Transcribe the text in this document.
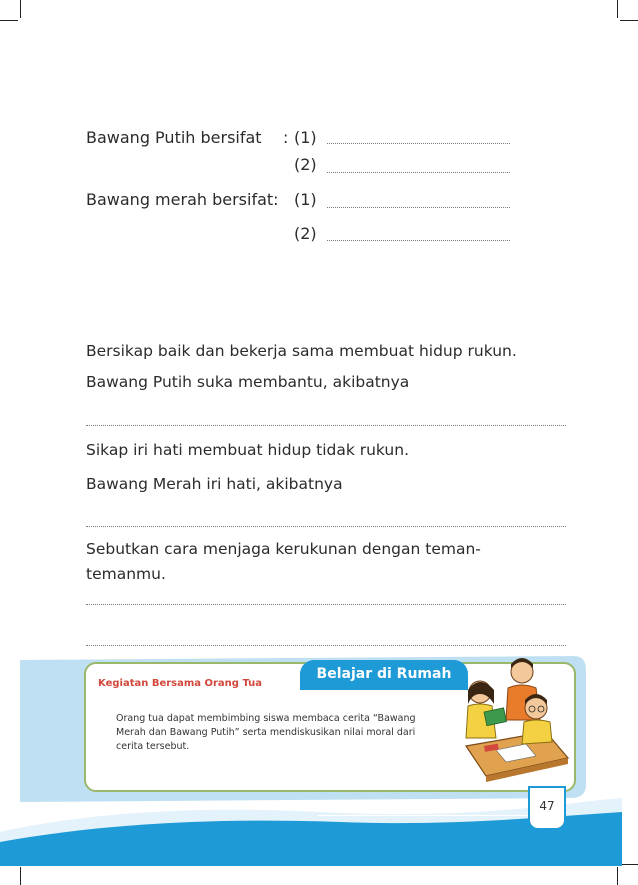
Bawang Putih bersifat : (1)
(2)
Bawang merah bersifat: (1)
(2)
Bersikap baik dan bekerja sama membuat hidup rukun.
Bawang Putih suka membantu, akibatnya
Sikap iri hati membuat hidup tidak rukun.
Bawang Merah iri hati, akibatnya
Sebutkan cara menjaga kerukunan dengan teman-
temanmu.
Belajar di Rumah
Kegiatan Bersama Orang Tua
Orang tua dapat membimbing siswa membaca cerita “Bawang Merah dan Bawang Putih” serta mendiskusikan nilai moral dari cerita tersebut.
Subtema 2: Pengalaman Bersama Teman	47
